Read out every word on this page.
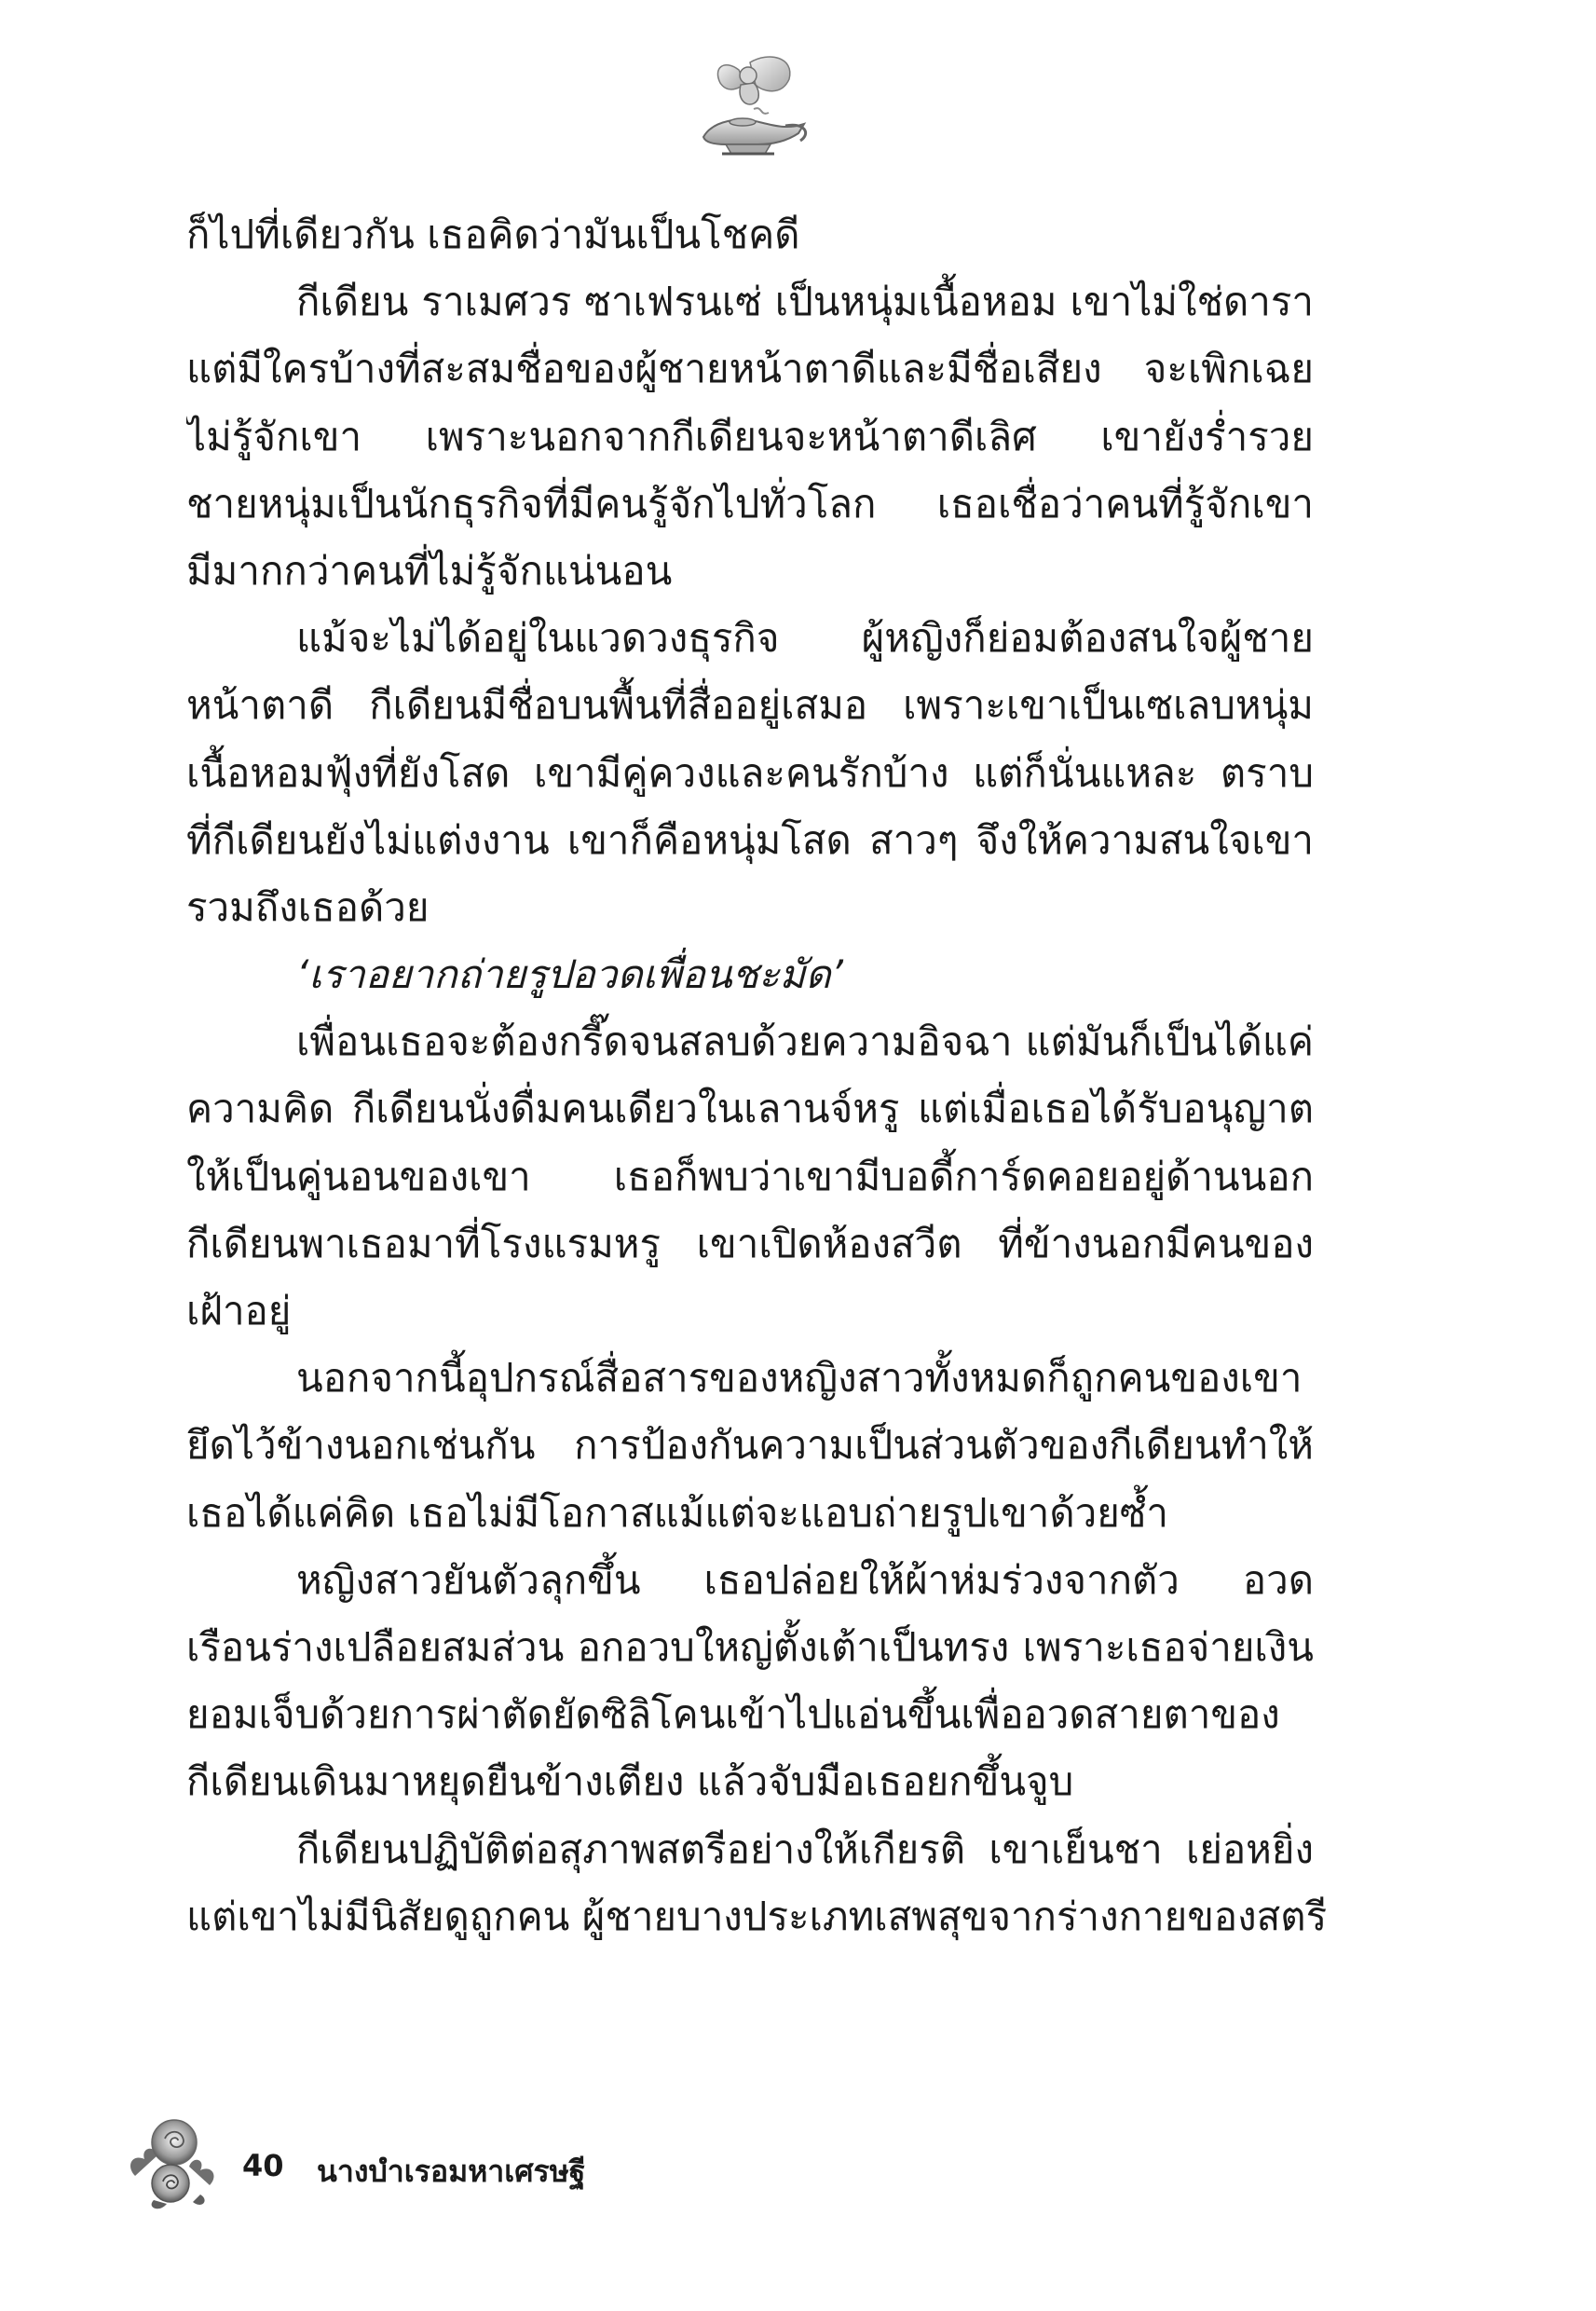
ก็ไปที่เดียวกัน เธอคิดว่ามันเป็นโชคดี
กีเดียน ราเมศวร ซาเฟรนเซ่ เป็นหนุ่มเนื้อหอม เขาไม่ใช่ดารา
แต่มีใครบ้างที่สะสมชื่อของผู้ชายหน้าตาดีและมีชื่อเสียง จะเพิกเฉย
ไม่รู้จักเขา เพราะนอกจากกีเดียนจะหน้าตาดีเลิศ เขายังร่ำรวย
ชายหนุ่มเป็นนักธุรกิจที่มีคนรู้จักไปทั่วโลก เธอเชื่อว่าคนที่รู้จักเขา
มีมากกว่าคนที่ไม่รู้จักแน่นอน
แม้จะไม่ได้อยู่ในแวดวงธุรกิจ ผู้หญิงก็ย่อมต้องสนใจผู้ชาย
หน้าตาดี กีเดียนมีชื่อบนพื้นที่สื่ออยู่เสมอ เพราะเขาเป็นเซเลบหนุ่ม
เนื้อหอมฟุ้งที่ยังโสด เขามีคู่ควงและคนรักบ้าง แต่ก็นั่นแหละ ตราบ
ที่กีเดียนยังไม่แต่งงาน เขาก็คือหนุ่มโสด สาวๆ จึงให้ความสนใจเขา
รวมถึงเธอด้วย
‘เราอยากถ่ายรูปอวดเพื่อนชะมัด’
เพื่อนเธอจะต้องกรี๊ดจนสลบด้วยความอิจฉา แต่มันก็เป็นได้แค่
ความคิด กีเดียนนั่งดื่มคนเดียวในเลานจ์หรู แต่เมื่อเธอได้รับอนุญาต
ให้เป็นคู่นอนของเขา เธอก็พบว่าเขามีบอดี้การ์ดคอยอยู่ด้านนอก
กีเดียนพาเธอมาที่โรงแรมหรู เขาเปิดห้องสวีต ที่ข้างนอกมีคนของ
เฝ้าอยู่
นอกจากนี้อุปกรณ์สื่อสารของหญิงสาวทั้งหมดก็ถูกคนของเขา
ยึดไว้ข้างนอกเช่นกัน การป้องกันความเป็นส่วนตัวของกีเดียนทำให้
เธอได้แค่คิด เธอไม่มีโอกาสแม้แต่จะแอบถ่ายรูปเขาด้วยซ้ำ
หญิงสาวยันตัวลุกขึ้น เธอปล่อยให้ผ้าห่มร่วงจากตัว อวด
เรือนร่างเปลือยสมส่วน อกอวบใหญ่ตั้งเต้าเป็นทรง เพราะเธอจ่ายเงิน
ยอมเจ็บด้วยการผ่าตัดยัดซิลิโคนเข้าไปแอ่นขึ้นเพื่ออวดสายตาของ
กีเดียนเดินมาหยุดยืนข้างเตียง แล้วจับมือเธอยกขึ้นจูบ
กีเดียนปฏิบัติต่อสุภาพสตรีอย่างให้เกียรติ เขาเย็นชา เย่อหยิ่ง
แต่เขาไม่มีนิสัยดูถูกคน ผู้ชายบางประเภทเสพสุขจากร่างกายของสตรี
40 นางบำเรอมหาเศรษฐี
